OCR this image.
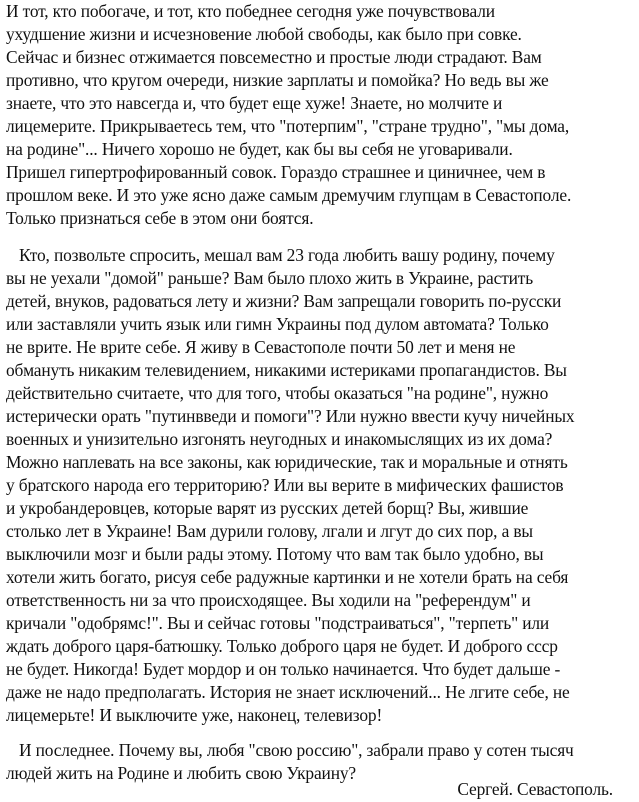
И тот, кто побогаче, и тот, кто победнее сегодня уже почувствовали
ухудшение жизни и исчезновение любой свободы, как было при совке.
Сейчас и бизнес отжимается повсеместно и простые люди страдают. Вам
противно, что кругом очереди, низкие зарплаты и помойка? Но ведь вы же
знаете, что это навсегда и, что будет еще хуже! Знаете, но молчите и
лицемерите. Прикрываетесь тем, что "потерпим", "стране трудно", "мы дома,
на родине"... Ничего хорошо не будет, как бы вы себя не уговаривали.
Пришел гипертрофированный совок. Гораздо страшнее и циничнее, чем в
прошлом веке. И это уже ясно даже самым дремучим глупцам в Севастополе.
Только признаться себе в этом они боятся.
Кто, позвольте спросить, мешал вам 23 года любить вашу родину, почему
вы не уехали "домой" раньше? Вам было плохо жить в Украине, растить
детей, внуков, радоваться лету и жизни? Вам запрещали говорить по-русски
или заставляли учить язык или гимн Украины под дулом автомата? Только
не врите. Не врите себе. Я живу в Севастополе почти 50 лет и меня не
обмануть никаким телевидением, никакими истериками пропагандистов. Вы
действительно считаете, что для того, чтобы оказаться "на родине", нужно
истерически орать "путинвведи и помоги"? Или нужно ввести кучу ничейных
военных и унизительно изгонять неугодных и инакомыслящих из их дома?
Можно наплевать на все законы, как юридические, так и моральные и отнять
у братского народа его территорию? Или вы верите в мифических фашистов
и укробандеровцев, которые варят из русских детей борщ? Вы, жившие
столько лет в Украине! Вам дурили голову, лгали и лгут до сих пор, а вы
выключили мозг и были рады этому. Потому что вам так было удобно, вы
хотели жить богато, рисуя себе радужные картинки и не хотели брать на себя
ответственность ни за что происходящее. Вы ходили на "референдум" и
кричали "одобрямс!". Вы и сейчас готовы "подстраиваться", "терпеть" или
ждать доброго царя-батюшку. Только доброго царя не будет. И доброго ссср
не будет. Никогда! Будет мордор и он только начинается. Что будет дальше -
даже не надо предполагать. История не знает исключений... Не лгите себе, не
лицемерьте! И выключите уже, наконец, телевизор!
И последнее. Почему вы, любя "свою россию", забрали право у сотен тысяч
людей жить на Родине и любить свою Украину?
Сергей. Севастополь.
